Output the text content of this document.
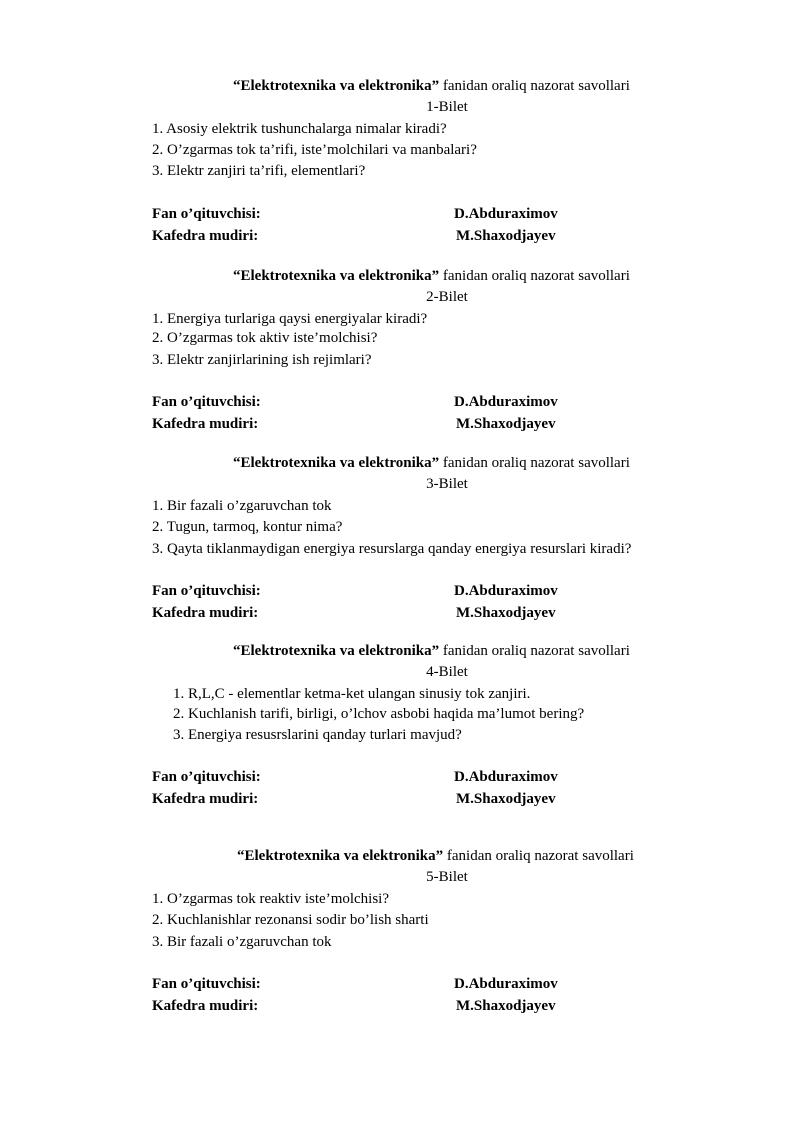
“Elektrotexnika va elektronika” fanidan oraliq nazorat savollari
1-Bilet
1. Asosiy elektrik tushunchalarga nimalar kiradi?
2. O’zgarmas tok ta’rifi, iste’molchilari va manbalari?
3. Elektr zanjiri ta’rifi, elementlari?
Fan o’qituvchisi:	D.Abduraximov
Kafedra mudiri:	M.Shaxodjayev
“Elektrotexnika va elektronika” fanidan oraliq nazorat savollari
2-Bilet
1. Energiya turlariga qaysi energiyalar kiradi?
2. O’zgarmas tok aktiv iste’molchisi?
3. Elektr zanjirlarining ish rejimlari?
Fan o’qituvchisi:	D.Abduraximov
Kafedra mudiri:	M.Shaxodjayev
“Elektrotexnika va elektronika” fanidan oraliq nazorat savollari
3-Bilet
1. Bir fazali o’zgaruvchan tok
2. Tugun, tarmoq, kontur nima?
3. Qayta tiklanmaydigan energiya resurslarga qanday energiya resurslari kiradi?
Fan o’qituvchisi:	D.Abduraximov
Kafedra mudiri:	M.Shaxodjayev
“Elektrotexnika va elektronika” fanidan oraliq nazorat savollari
4-Bilet
1. R,L,C - elementlar ketma-ket ulangan sinusiy tok zanjiri.
2. Kuchlanish tarifi, birligi, o’lchov asbobi haqida ma’lumot bering?
3. Energiya resusrslarini qanday turlari mavjud?
Fan o’qituvchisi:	D.Abduraximov
Kafedra mudiri:	M.Shaxodjayev
“Elektrotexnika va elektronika” fanidan oraliq nazorat savollari
5-Bilet
1. O’zgarmas tok reaktiv iste’molchisi?
2. Kuchlanishlar rezonansi sodir bo’lish sharti
3. Bir fazali o’zgaruvchan tok
Fan o’qituvchisi:	D.Abduraximov
Kafedra mudiri:	M.Shaxodjayev
